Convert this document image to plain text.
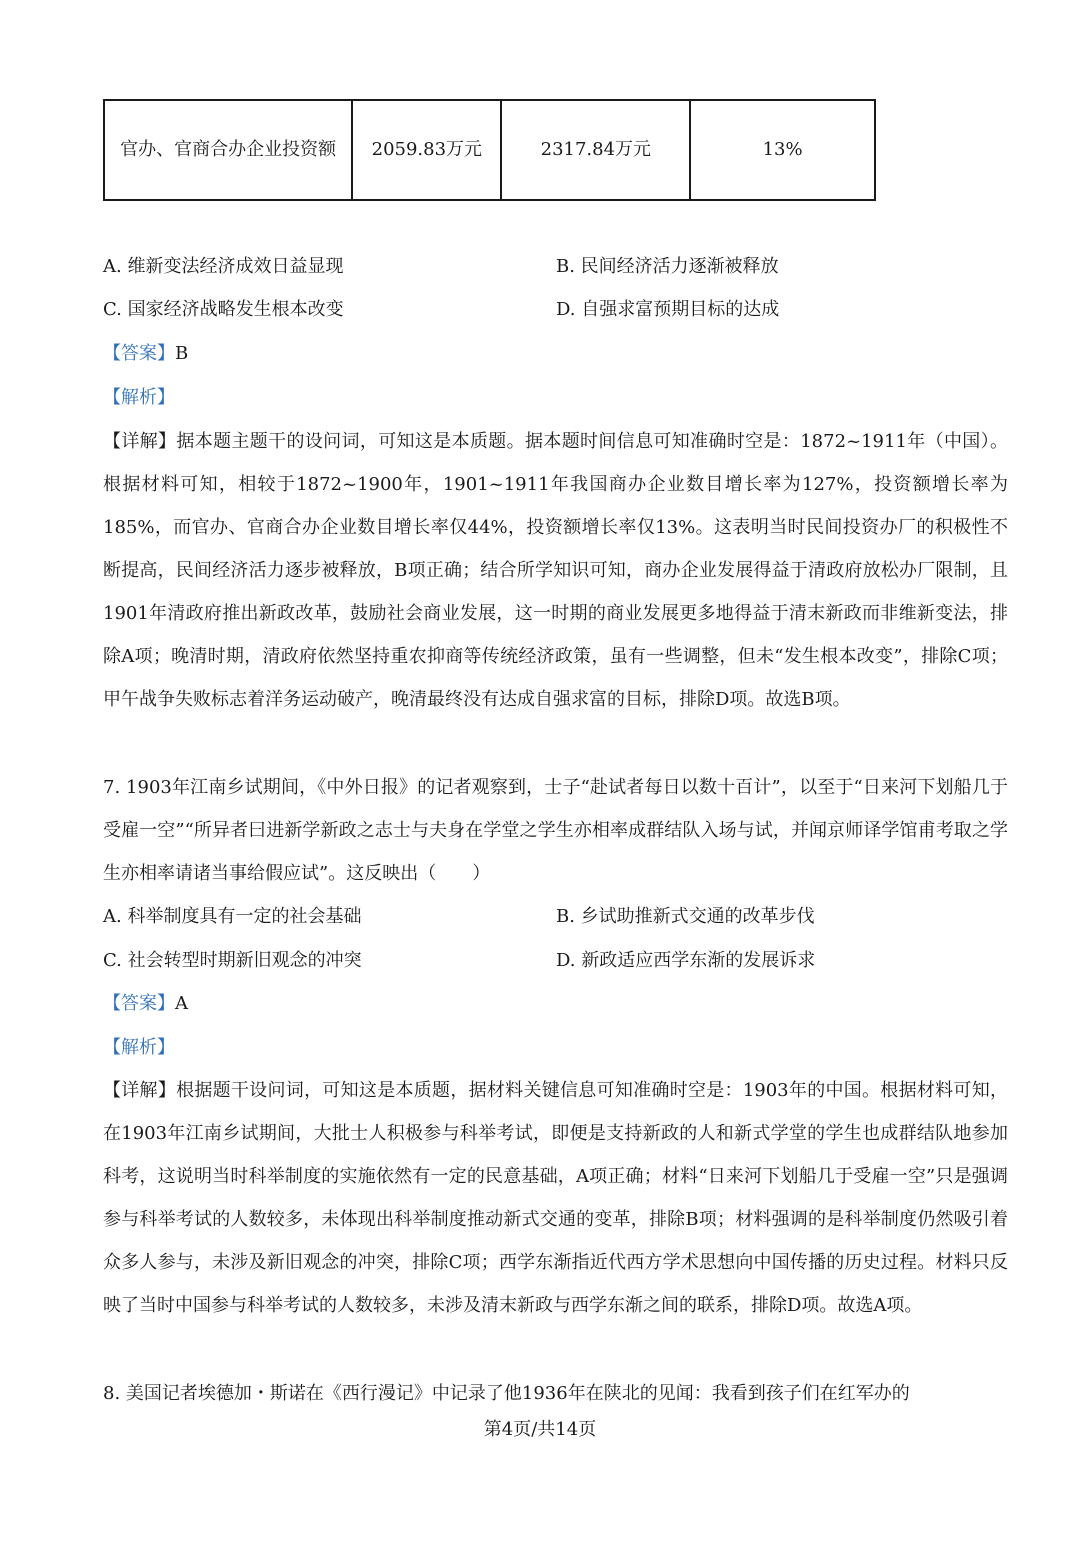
官办、官商合办企业投资额	2059.83万元	2317.84万元	13%
A. 维新变法经济成效日益显现	B. 民间经济活力逐渐被释放
C. 国家经济战略发生根本改变	D. 自强求富预期目标的达成
【答案】B
【解析】
【详解】据本题主题干的设问词，可知这是本质题。据本题时间信息可知准确时空是：1872~1911年（中国）。根据材料可知，相较于1872~1900年，1901~1911年我国商办企业数目增长率为127%，投资额增长率为185%，而官办、官商合办企业数目增长率仅44%，投资额增长率仅13%。这表明当时民间投资办厂的积极性不断提高，民间经济活力逐步被释放，B项正确；结合所学知识可知，商办企业发展得益于清政府放松办厂限制，且1901年清政府推出新政改革，鼓励社会商业发展，这一时期的商业发展更多地得益于清末新政而非维新变法，排除A项；晚清时期，清政府依然坚持重农抑商等传统经济政策，虽有一些调整，但未“发生根本改变”，排除C项；甲午战争失败标志着洋务运动破产，晚清最终没有达成自强求富的目标，排除D项。故选B项。
7. 1903年江南乡试期间，《中外日报》的记者观察到，士子“赴试者每日以数十百计”，以至于“日来河下划船几于受雇一空”“所异者曰进新学新政之志士与夫身在学堂之学生亦相率成群结队入场与试，并闻京师译学馆甫考取之学生亦相率请诸当事给假应试”。这反映出（　　）
A. 科举制度具有一定的社会基础	B. 乡试助推新式交通的改革步伐
C. 社会转型时期新旧观念的冲突	D. 新政适应西学东渐的发展诉求
【答案】A
【解析】
【详解】根据题干设问词，可知这是本质题，据材料关键信息可知准确时空是：1903年的中国。根据材料可知，在1903年江南乡试期间，大批士人积极参与科举考试，即便是支持新政的人和新式学堂的学生也成群结队地参加科考，这说明当时科举制度的实施依然有一定的民意基础，A项正确；材料“日来河下划船几于受雇一空”只是强调参与科举考试的人数较多，未体现出科举制度推动新式交通的变革，排除B项；材料强调的是科举制度仍然吸引着众多人参与，未涉及新旧观念的冲突，排除C项；西学东渐指近代西方学术思想向中国传播的历史过程。材料只反映了当时中国参与科举考试的人数较多，未涉及清末新政与西学东渐之间的联系，排除D项。故选A项。
8. 美国记者埃德加・斯诺在《西行漫记》中记录了他1936年在陕北的见闻：我看到孩子们在红军办的
第4页/共14页
